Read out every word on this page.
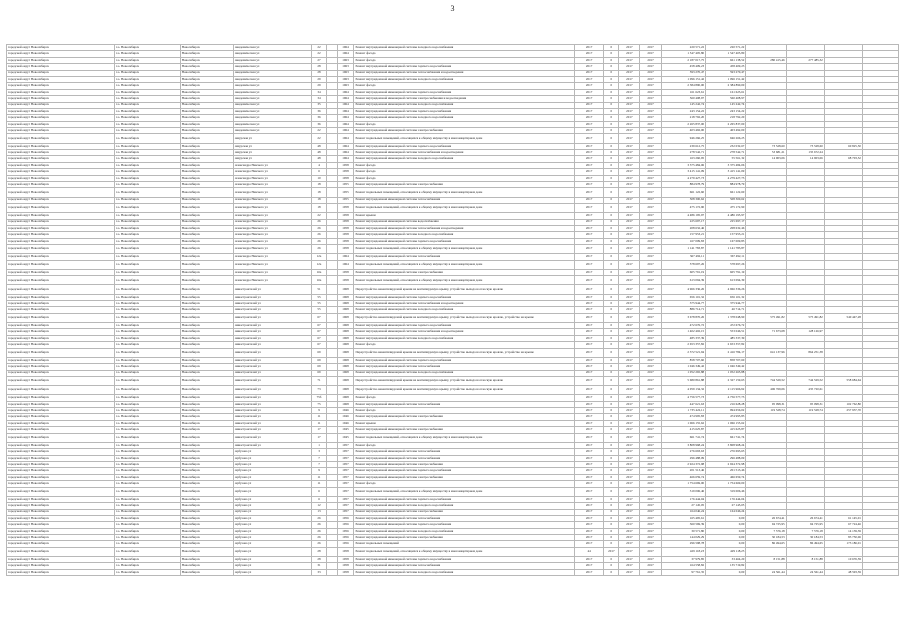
3
городской округ Новосибирск	г.о. Новосибирск	Новосибирск	Академическая ул	22		1964	Ремонт внутридомовой инженерной системы холодного водоснабжения	2017	0	2017	2017	220 571,22	220 571,22				
городской округ Новосибирск	г.о. Новосибирск	Новосибирск	Академическая ул	22		1964	Ремонт фасада	2017	0	2017	2017	1 547 405,80	1 547 405,80				
городской округ Новосибирск	г.о. Новосибирск	Новосибирск	Академическая ул	27		1963	Ремонт фасада	2017	0	2017	2017	2 187 017,75	661 138,52	280 415,46	277 485,32		
городской округ Новосибирск	г.о. Новосибирск	Новосибирск	Академическая ул	28		1963	Ремонт внутридомовой инженерной системы горячего водоснабжения	2017	0	2017	2017	458 409,23	458 409,23				
городской округ Новосибирск	г.о. Новосибирск	Новосибирск	Академическая ул	28		1963	Ремонт внутридомовой инженерной системы теплоснабжения и водоотведения	2017	0	2017	2017	593 270,47	593 270,47				
городской округ Новосибирск	г.о. Новосибирск	Новосибирск	Академическая ул	29		1963	Ремонт внутридомовой инженерной системы холодного водоснабжения	2017	0	2017	2017	1 096 151,42	1 096 151,42				
городской округ Новосибирск	г.о. Новосибирск	Новосибирск	Академическая ул	29		1963	Ремонт фасада	2017	0	2017	2017	2 384 890,00	2 384 890,00				
городской округ Новосибирск	г.о. Новосибирск	Новосибирск	Академическая ул	34		1964	Ремонт внутридомовой инженерной системы горячего водоснабжения	2017	0	2017	2017	161 623,61	161 623,61				
городской округ Новосибирск	г.о. Новосибирск	Новосибирск	Академическая ул	34		1964	Ремонт внутридомовой инженерной системы электроснабжения и водоотведения	2017	0	2017	2017	560 408,97	560 408,97				
городской округ Новосибирск	г.о. Новосибирск	Новосибирск	Академическая ул	35		1964	Ремонт внутридомовой инженерной системы холодного водоснабжения	2017	0	2017	2017	145 242,74	145 242,74				
городской округ Новосибирск	г.о. Новосибирск	Новосибирск	Академическая ул	36		1964	Ремонт внутридомовой инженерной системы горячего водоснабжения	2017	0	2017	2017	243 154,22	243 154,22				
городской округ Новосибирск	г.о. Новосибирск	Новосибирск	Академическая ул	36		1964	Ремонт внутридомовой инженерной системы холодного водоснабжения	2017	0	2017	2017	218 792,20	218 792,20				
городской округ Новосибирск	г.о. Новосибирск	Новосибирск	Академическая ул	36		1964	Ремонт фасада	2017	0	2017	2017	2 265 837,00	2 265 837,00				
городской округ Новосибирск	г.о. Новосибирск	Новосибирск	Академическая ул	22		1964	Ремонт внутридомовой инженерной системы электроснабжения	2017	0	2017	2017	403 492,00	403 492,00				
городской округ Новосибирск	г.о. Новосибирск	Новосибирск	Амурская ул	22		1964	Ремонт подвальных помещений, относящихся к общему имуществу в многоквартирном доме	2017	0	2017	2017	946 266,25	946 266,25				
городской округ Новосибирск	г.о. Новосибирск	Новосибирск	Амурская ул	48		1964	Ремонт внутридомовой инженерной системы горячего водоснабжения	2017	0	2017	2017	239 612,75	232 032,67	73 528,60	73 528,60	60 825,50	
городской округ Новосибирск	г.о. Новосибирск	Новосибирск	Амурская ул	48		1964	Ремонт внутридомовой инженерной системы теплоснабжения и водоотведения	2017	0	2017	2017	278 542,71	278 542,71	53 681,21	135 672,24		
городской округ Новосибирск	г.о. Новосибирск	Новосибирск	Амурская ул	48		1964	Ремонт внутридомовой инженерной системы холодного водоснабжения	2017	0	2017	2017	163 260,95	55 561,32	14 903,06	14 903,06	68 703,52	
городской округ Новосибирск	г.о. Новосибирск	Новосибирск	Александра Невского ул	4		1958	Ремонт фасада	2017	0	2017	2017	3 375 484,06	3 375 484,06				
городской округ Новосибирск	г.о. Новосибирск	Новосибирск	Александра Невского ул	6		1958	Ремонт фасада	2017	0	2017	2017	3 415 141,09	3 415 141,09				
городской округ Новосибирск	г.о. Новосибирск	Новосибирск	Александра Невского ул	10		1958	Ремонт фасада	2017	0	2017	2017	4 279 427,73	4 279 427,73				
городской округ Новосибирск	г.о. Новосибирск	Новосибирск	Александра Невского ул	18		1955	Ремонт внутридомовой инженерной системы электроснабжения	2017	0	2017	2017	884 978,79	884 978,79				
городской округ Новосибирск	г.о. Новосибирск	Новосибирск	Александра Невского ул	18		1955	Ремонт подвальных помещений, относящихся к общему имуществу в многоквартирном доме	2017	0	2017	2017	661 122,60	661 122,60				
городской округ Новосибирск	г.о. Новосибирск	Новосибирск	Александра Невского ул	18		1955	Ремонт внутридомовой инженерной системы теплоснабжения	2017	0	2017	2017	508 300,62	508 300,62				
городской округ Новосибирск	г.о. Новосибирск	Новосибирск	Александра Невского ул	18		1958	Ремонт подвальных помещений, относящихся к общему имуществу в многоквартирном доме	2017	0	2017	2017	475 172,90	475 172,90				
городской округ Новосибирск	г.о. Новосибирск	Новосибирск	Александра Невского ул	22		1958	Ремонт крыши	2017	0	2017	2017	4 486 195,97	4 486 195,97				
городской округ Новосибирск	г.о. Новосибирск	Новосибирск	Александра Невского ул	26		1958	Ремонт внутридомовой инженерной системы водоснабжения	2017	0	2017	2017	225 697,17	225 697,17				
городской округ Новосибирск	г.о. Новосибирск	Новосибирск	Александра Невского ул	26		1958	Ремонт внутридомовой инженерной системы теплоснабжения и водоотведения	2017	0	2017	2017	208 632,46	208 632,46				
городской округ Новосибирск	г.о. Новосибирск	Новосибирск	Александра Невского ул	26		1958	Ремонт внутридомовой инженерной системы холодного водоснабжения	2017	0	2017	2017	157 953,21	157 953,21				
городской округ Новосибирск	г.о. Новосибирск	Новосибирск	Александра Невского ул	26		1958	Ремонт внутридомовой инженерной системы горячего водоснабжения	2017	0	2017	2017	167 009,83	167 009,83				
городской округ Новосибирск	г.о. Новосибирск	Новосибирск	Александра Невского ул	26		1958	Ремонт подвальных помещений, относящихся к общему имуществу в многоквартирном доме	2017	0	2017	2017	1 141 783,87	1 141 783,87				
городской округ Новосибирск	г.о. Новосибирск	Новосибирск	Александра Невского ул	12а		1964	Ремонт внутридомовой инженерной системы теплоснабжения	2017	0	2017	2017	367 492,11	367 492,11				
городской округ Новосибирск	г.о. Новосибирск	Новосибирск	Александра Невского ул	12а		1964	Ремонт подвальных помещений, относящихся к общему имуществу в многоквартирном доме	2017	0	2017	2017	578 697,26	578 697,26				
городской округ Новосибирск	г.о. Новосибирск	Новосибирск	Александра Невского ул	16а		1958	Ремонт внутридомовой инженерной системы электроснабжения	2017	0	2017	2017	605 791,19	605 791,19				
городской округ Новосибирск	г.о. Новосибирск	Новосибирск	Александра Невского ул	16а		1958	Ремонт подвальных помещений, относящихся к общему имуществу в многоквартирном доме	2017	0	2017	2017	613 094,39	613 094,39				
городской округ Новосибирск	г.о. Новосибирск	Новосибирск	Авиастроителей ул	51		1968	Переустройство невентилируемой крыши на вентилируемую крышу, устройство выхода на плоскую кровлю	2017	0	2017	2017	4 966 336,26	4 966 336,26				
городской округ Новосибирск	г.о. Новосибирск	Новосибирск	Авиастроителей ул	55		1968	Ремонт внутридомовой инженерной системы горячего водоснабжения	2017	0	2017	2017	656 101,32	656 101,32				
городской округ Новосибирск	г.о. Новосибирск	Новосибирск	Авиастроителей ул	55		1968	Ремонт внутридомовой инженерной системы теплоснабжения и водоотведения	2017	0	2017	2017	375 944,77	375 944,77				
городской округ Новосибирск	г.о. Новосибирск	Новосибирск	Авиастроителей ул	55		1968	Ремонт внутридомовой инженерной системы холодного водоснабжения	2017	0	2017	2017	886 714,71	46 714,71				
городской округ Новосибирск	г.о. Новосибирск	Новосибирск	Авиастроителей ул	67		1968	Переустройство невентилируемой крыши на вентилируемую крышу, устройство выхода на плоскую кровлю, устройство на крыше	2017	0	2017	2017	3 678 870,26	1 378 048,90	575 491,82	575 491,82	540 447,28	
городской округ Новосибирск	г.о. Новосибирск	Новосибирск	Авиастроителей ул	67		1968	Ремонт внутридомовой инженерной системы горячего водоснабжения	2017	0	2017	2017	472 676,72	472 676,72				
городской округ Новосибирск	г.о. Новосибирск	Новосибирск	Авиастроителей ул	67		1968	Ремонт внутридомовой инженерной системы теплоснабжения и водоотведения	2017	0	2017	2017	1 402 402,15	553 046,51	71 673,08	128 126,97		
городской округ Новосибирск	г.о. Новосибирск	Новосибирск	Авиастроителей ул	67		1968	Ремонт внутридомовой инженерной системы холодного водоснабжения	2017	0	2017	2017	485 337,39	485 337,39				
городской округ Новосибирск	г.о. Новосибирск	Новосибирск	Авиастроителей ул	67		1968	Ремонт фасада	2017	0	2017	2017	2 653 357,82	2 653 357,82				
городской округ Новосибирск	г.о. Новосибирск	Новосибирск	Авиастроителей ул	69		1968	Переустройство невентилируемой крыши на вентилируемую крышу, устройство выхода на плоскую кровлю, устройство на крыше	2017	0	2017	2017	2 372 521,94	2 416 784,17	641 137,96	864 251,38		
городской округ Новосибирск	г.о. Новосибирск	Новосибирск	Авиастроителей ул	69		1968	Ремонт внутридомовой инженерной системы горячего водоснабжения	2017	0	2017	2017	858 707,60	858 707,60				
городской округ Новосибирск	г.о. Новосибирск	Новосибирск	Авиастроителей ул	69		1968	Ремонт внутридомовой инженерной системы теплоснабжения	2017	0	2017	2017	1 046 349,42	1 046 349,42				
городской округ Новосибирск	г.о. Новосибирск	Новосибирск	Авиастроителей ул	69		1968	Ремонт внутридомовой инженерной системы холодного водоснабжения	2017	0	2017	2017	1 052 265,88	1 052 265,88				
городской округ Новосибирск	г.о. Новосибирск	Новосибирск	Авиастроителей ул	71		1968	Переустройство невентилируемой крыши на вентилируемую крышу, устройство выхода на плоскую кровлю	2017	0	2017	2017	5 680 861,88	2 327 159,63	744 529,52	744 529,52	558 684,64	
городской округ Новосибирск	г.о. Новосибирск	Новосибирск	Авиастроителей ул	73		1968	Переустройство невентилируемой крыши на вентилируемую крышу, устройство выхода на плоскую кровлю	2017	0	2017	2017	4 059 134,32	2 115 966,92	406 769,06	435 720,61		
городской округ Новосибирск	г.о. Новосибирск	Новосибирск	Авиастроителей ул	75б		1968	Ремонт фасада	2017	0	2017	2017	4 756 577,73	4 756 577,73				
городской округ Новосибирск	г.о. Новосибирск	Новосибирск	Авиастроителей ул	75		1968	Ремонт внутридомовой инженерной системы теплоснабжения	2017	0	2017	2017	447 621,63	216 628,28	95 098,31	95 098,31	102 762,80	
городской округ Новосибирск	г.о. Новосибирск	Новосибирск	Авиастроителей ул	9		1946	Ремонт фасада	2017	0	2017	2017	1 735 422,11	994 656,02	119 528,74	119 528,74	257 937,70	
городской округ Новосибирск	г.о. Новосибирск	Новосибирск	Авиастроителей ул	11		1946	Ремонт внутридомовой инженерной системы электроснабжения	2017	0	2017	2017	474 995,83	474 995,83				
городской округ Новосибирск	г.о. Новосибирск	Новосибирск	Авиастроителей ул	11		1946	Ремонт крыши	2017	0	2017	2017	1 066 155,62	1 066 155,62				
городской округ Новосибирск	г.о. Новосибирск	Новосибирск	Авиастроителей ул	17		1945	Ремонт внутридомовой инженерной системы электроснабжения	2017	0	2017	2017	415 625,87	415 625,87				
городской округ Новосибирск	г.о. Новосибирск	Новосибирск	Авиастроителей ул	17		1945	Ремонт подвальных помещений, относящихся к общему имуществу в многоквартирном доме	2017	0	2017	2017	661 741,74	661 741,74				
городской округ Новосибирск	г.о. Новосибирск	Новосибирск	Авиастроителей ул	1		1957	Ремонт фасада	2017	0	2017	2017	3 808 968,24	3 808 968,24				
городской округ Новосибирск	г.о. Новосибирск	Новосибирск	Арбузова ул	3		1957	Ремонт внутридомовой инженерной системы теплоснабжения	2017	0	2017	2017	276 693,63	276 693,63				
городской округ Новосибирск	г.о. Новосибирск	Новосибирск	Арбузова ул	7		1957	Ремонт внутридомовой инженерной системы теплоснабжения	2017	0	2017	2017	296 488,09	296 488,09				
городской округ Новосибирск	г.о. Новосибирск	Новосибирск	Арбузова ул	7		1957	Ремонт внутридомовой инженерной системы электроснабжения	2017	0	2017	2017	2 924 372,98	2 924 372,98				
городской округ Новосибирск	г.о. Новосибирск	Новосибирск	Арбузова ул	9		1957	Ремонт внутридомовой инженерной системы горячего водоснабжения	2017	0	2017	2017	201 513,46	201 513,46				
городской округ Новосибирск	г.о. Новосибирск	Новосибирск	Арбузова ул	11		1957	Ремонт внутридомовой инженерной системы электроснабжения	2017	0	2017	2017	466 659,74	466 659,74				
городской округ Новосибирск	г.о. Новосибирск	Новосибирск	Арбузова ул	11		1957	Ремонт фасада	2017	0	2017	2017	1 754 669,00	1 754 669,00				
городской округ Новосибирск	г.о. Новосибирск	Новосибирск	Арбузова ул	6		1957	Ремонт подвальных помещений, относящихся к общему имуществу в многоквартирном доме	2017	0	2017	2017	319 006,46	319 006,46				
городской округ Новосибирск	г.о. Новосибирск	Новосибирск	Арбузова ул	6		1957	Ремонт внутридомовой инженерной системы горячего водоснабжения	2017	0	2017	2017	176 444,04	176 444,04				
городской округ Новосибирск	г.о. Новосибирск	Новосибирск	Арбузова ул	12		1957	Ремонт внутридомовой инженерной системы холодного водоснабжения	2017	0	2017	2017	27 145,05	27 145,05				
городской округ Новосибирск	г.о. Новосибирск	Новосибирск	Арбузова ул	13		1957	Ремонт внутридомовой инженерной системы электроснабжения	2017	0	2017	2017	164 046,24	164 046,24				
городской округ Новосибирск	г.о. Новосибирск	Новосибирск	Арбузова ул	26		1956	Ремонт внутридомовой инженерной системы теплоснабжения	2017	0	2017	2017	165 495,61	0,00	26 674,41	26 674,41	61 145,01	
городской округ Новосибирск	г.о. Новосибирск	Новосибирск	Арбузова ул	26		1956	Ремонт внутридомовой инженерной системы горячего водоснабжения	2017	0	2017	2017	360 569,39	0,00	94 725,95	94 725,95	67 724,46	
городской округ Новосибирск	г.о. Новосибирск	Новосибирск	Арбузова ул	26		1956	Ремонт внутридомовой инженерной системы холодного водоснабжения	2017	0	2017	2017	30 571,80	0,00	7 576,18	7 576,18	14 139,39	
городской округ Новосибирск	г.о. Новосибирск	Новосибирск	Арбузова ул	26		1956	Ремонт внутридомовой инженерной системы электроснабжения	2017	0	2017	2017	144 029,29	0,00	30 184,53	30 184,53	83 750,06	
городской округ Новосибирск	г.о. Новосибирск	Новосибирск	Арбузова ул	26		1956	Ремонт подвальных помещений	2017	0	2017	2017	296 598,78	0,00	86 494,65	86 494,65	173 186,01	
городской округ Новосибирск	г.о. Новосибирск	Новосибирск	Арбузова ул	28		1958	Ремонт подвальных помещений, относящихся к общему имуществу в многоквартирном доме	44	2017	2017	2017	429 118,23	429 118,23				
городской округ Новосибирск	г.о. Новосибирск	Новосибирск	Арбузова ул	28		1958	Ремонт внутридомовой инженерной системы горячего водоснабжения	2017	0	2017	2017	37 979,85	33 464,20	8 151,88	8 151,88	10 676,59	
городской округ Новосибирск	г.о. Новосибирск	Новосибирск	Арбузова ул	31		1958	Ремонт внутридомовой инженерной системы теплоснабжения	2017	0	2017	2017	164 558,82	135 719,82				
городской округ Новосибирск	г.о. Новосибирск	Новосибирск	Арбузова ул	33		1958	Ремонт внутридомовой инженерной системы холодного водоснабжения	2017	0	2017	2017	97 761,35	0,00	24 561,44	24 561,44	48 593,59	
